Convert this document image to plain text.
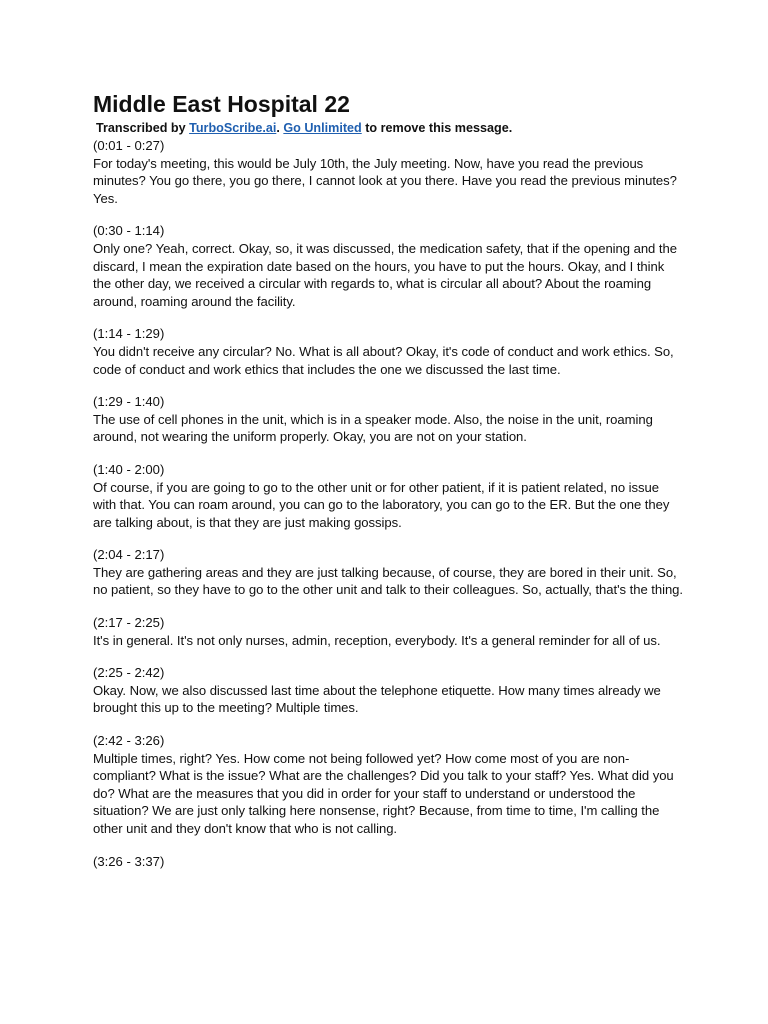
Middle East Hospital 22
Transcribed by TurboScribe.ai. Go Unlimited to remove this message.

(0:01 - 0:27)

For today's meeting, this would be July 10th, the July meeting. Now, have you read the previous minutes? You go there, you go there, I cannot look at you there. Have you read the previous minutes? Yes.

(0:30 - 1:14)

Only one? Yeah, correct. Okay, so, it was discussed, the medication safety, that if the opening and the discard, I mean the expiration date based on the hours, you have to put the hours. Okay, and I think the other day, we received a circular with regards to, what is circular all about? About the roaming around, roaming around the facility.

(1:14 - 1:29)

You didn't receive any circular? No. What is all about? Okay, it's code of conduct and work ethics. So, code of conduct and work ethics that includes the one we discussed the last time.

(1:29 - 1:40)

The use of cell phones in the unit, which is in a speaker mode. Also, the noise in the unit, roaming around, not wearing the uniform properly. Okay, you are not on your station.

(1:40 - 2:00)

Of course, if you are going to go to the other unit or for other patient, if it is patient related, no issue with that. You can roam around, you can go to the laboratory, you can go to the ER. But the one they are talking about, is that they are just making gossips.

(2:04 - 2:17)

They are gathering areas and they are just talking because, of course, they are bored in their unit. So, no patient, so they have to go to the other unit and talk to their colleagues. So, actually, that's the thing.

(2:17 - 2:25)

It's in general. It's not only nurses, admin, reception, everybody. It's a general reminder for all of us.

(2:25 - 2:42)

Okay. Now, we also discussed last time about the telephone etiquette. How many times already we brought this up to the meeting? Multiple times.

(2:42 - 3:26)

Multiple times, right? Yes. How come not being followed yet? How come most of you are non-compliant? What is the issue? What are the challenges? Did you talk to your staff? Yes. What did you do? What are the measures that you did in order for your staff to understand or understood the situation? We are just only talking here nonsense, right? Because, from time to time, I'm calling the other unit and they don't know that who is not calling.

(3:26 - 3:37)
